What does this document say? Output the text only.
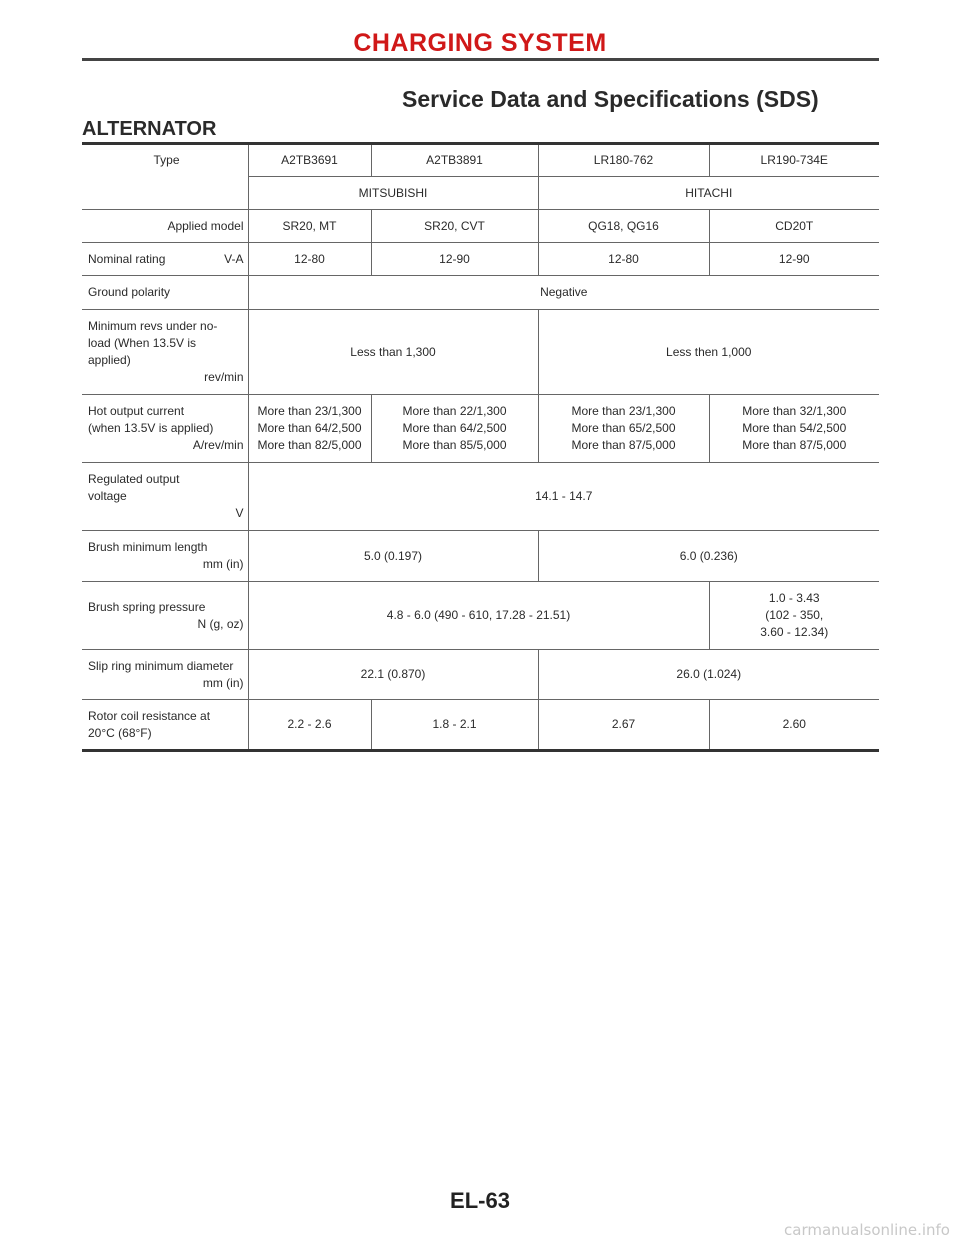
CHARGING SYSTEM
Service Data and Specifications (SDS)
ALTERNATOR
Type	A2TB3691	A2TB3891	LR180-762	LR190-734E
	MITSUBISHI		HITACHI	
Applied model	SR20, MT	SR20, CVT	QG18, QG16	CD20T
Nominal rating V-A	12-80	12-90	12-80	12-90
Ground polarity	Negative			

Minimum revs under no-
load (When 13.5V is
applied)
rev/min	Less than 1,300		Less then 1,000	

Hot output current
(when 13.5V is applied)
A/rev/min	More than 23/1,300
More than 64/2,500
More than 82/5,000	More than 22/1,300
More than 64/2,500
More than 85/5,000	More than 23/1,300
More than 65/2,500
More than 87/5,000	More than 32/1,300
More than 54/2,500
More than 87/5,000

Regulated output
voltage
V	14.1 - 14.7			

Brush minimum length
mm (in)	5.0 (0.197)		6.0 (0.236)	

Brush spring pressure
N (g, oz)	4.8 - 6.0 (490 - 610, 17.28 - 21.51)			1.0 - 3.43
(102 - 350,
3.60 - 12.34)

Slip ring minimum diameter
mm (in)	22.1 (0.870)		26.0 (1.024)	

Rotor coil resistance at
20°C (68°F)	2.2 - 2.6	1.8 - 2.1	2.67	2.60
EL-63
carmanualsonline.info
